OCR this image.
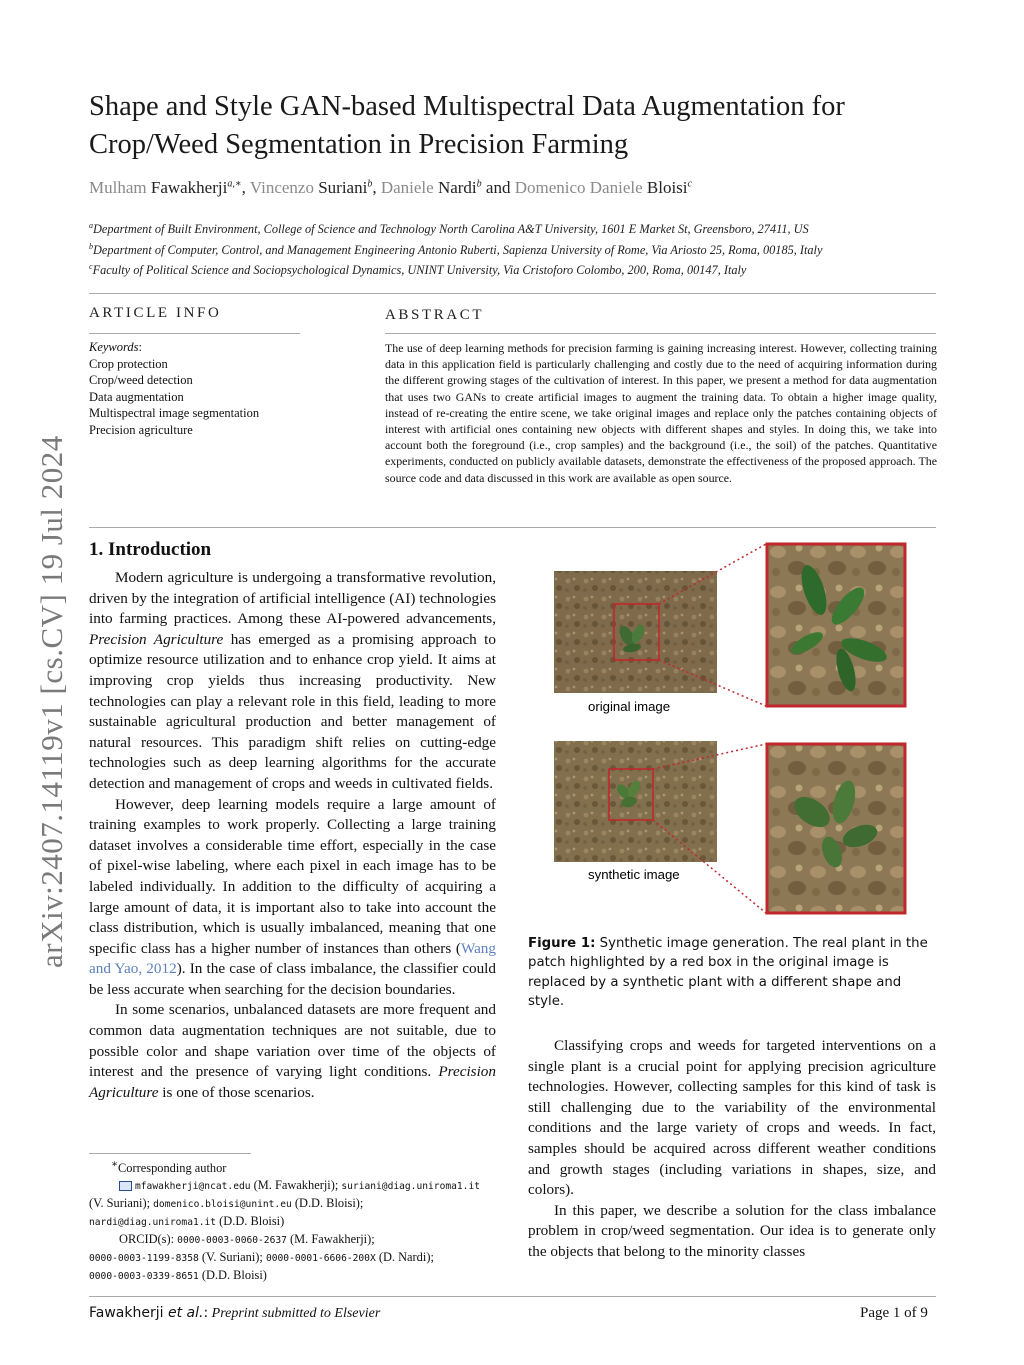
arXiv:2407.14119v1 [cs.CV] 19 Jul 2024
Shape and Style GAN-based Multispectral Data Augmentation for
Crop/Weed Segmentation in Precision Farming
Mulham Fawakherji$^{a,∗}$, Vincenzo Suriani$^b$, Daniele Nardi$^b$ and Domenico Daniele Bloisi$^c$
$^a$Department of Built Environment, College of Science and Technology North Carolina A&T University, 1601 E Market St, Greensboro, 27411, US
$^b$Department of Computer, Control, and Management Engineering Antonio Ruberti, Sapienza University of Rome, Via Ariosto 25, Roma, 00185, Italy
$^c$Faculty of Political Science and Sociopsychological Dynamics, UNINT University, Via Cristoforo Colombo, 200, Roma, 00147, Italy
ARTICLE INFO
Keywords:
Crop protection
Crop/weed detection
Data augmentation
Multispectral image segmentation
Precision agriculture
ABSTRACT
The use of deep learning methods for precision farming is gaining increasing interest. However, collecting training data in this application field is particularly challenging and costly due to the need of acquiring information during the different growing stages of the cultivation of interest. In this paper, we present a method for data augmentation that uses two GANs to create artificial images to augment the training data. To obtain a higher image quality, instead of re-creating the entire scene, we take original images and replace only the patches containing objects of interest with artificial ones containing new objects with different shapes and styles. In doing this, we take into account both the foreground (i.e., crop samples) and the background (i.e., the soil) of the patches. Quantitative experiments, conducted on publicly available datasets, demonstrate the effectiveness of the proposed approach. The source code and data discussed in this work are available as open source.
1. Introduction

Modern agriculture is undergoing a transformative revolution, driven by the integration of artificial intelligence (AI) technologies into farming practices. Among these AI-powered advancements, Precision Agriculture has emerged as a promising approach to optimize resource utilization and to enhance crop yield. It aims at improving crop yields thus increasing productivity. New technologies can play a relevant role in this field, leading to more sustainable agricultural production and better management of natural resources. This paradigm shift relies on cutting-edge technologies such as deep learning algorithms for the accurate detection and management of crops and weeds in cultivated fields.

However, deep learning models require a large amount of training examples to work properly. Collecting a large training dataset involves a considerable time effort, especially in the case of pixel-wise labeling, where each pixel in each image has to be labeled individually. In addition to the difficulty of acquiring a large amount of data, it is important also to take into account the class distribution, which is usually imbalanced, meaning that one specific class has a higher number of instances than others (Wang and Yao, 2012). In the case of class imbalance, the classifier could be less accurate when searching for the decision boundaries.

In some scenarios, unbalanced datasets are more frequent and common data augmentation techniques are not suitable, due to possible color and shape variation over time of the objects of interest and the presence of varying light conditions. Precision Agriculture is one of those scenarios.

∗Corresponding author
mfawakherji@ncat.edu (M. Fawakherji); suriani@diag.uniroma1.it
(V. Suriani); domenico.bloisi@unint.eu (D.D. Bloisi);
nardi@diag.uniroma1.it (D.D. Bloisi)
ORCID(s): 0000-0003-0060-2637 (M. Fawakherji);
0000-0003-1199-8358 (V. Suriani); 0000-0001-6606-200X (D. Nardi);
0000-0003-0339-8651 (D.D. Bloisi)
original image
synthetic image
Figure 1: Synthetic image generation. The real plant in the patch highlighted by a red box in the original image is replaced by a synthetic plant with a different shape and style.

Classifying crops and weeds for targeted interventions on a single plant is a crucial point for applying precision agriculture technologies. However, collecting samples for this kind of task is still challenging due to the variability of the environmental conditions and the large variety of crops and weeds. In fact, samples should be acquired across different weather conditions and growth stages (including variations in shapes, size, and colors).

In this paper, we describe a solution for the class imbalance problem in crop/weed segmentation. Our idea is to generate only the objects that belong to the minority classes

Fawakherji et al.: Preprint submitted to Elsevier	Page 1 of 9
